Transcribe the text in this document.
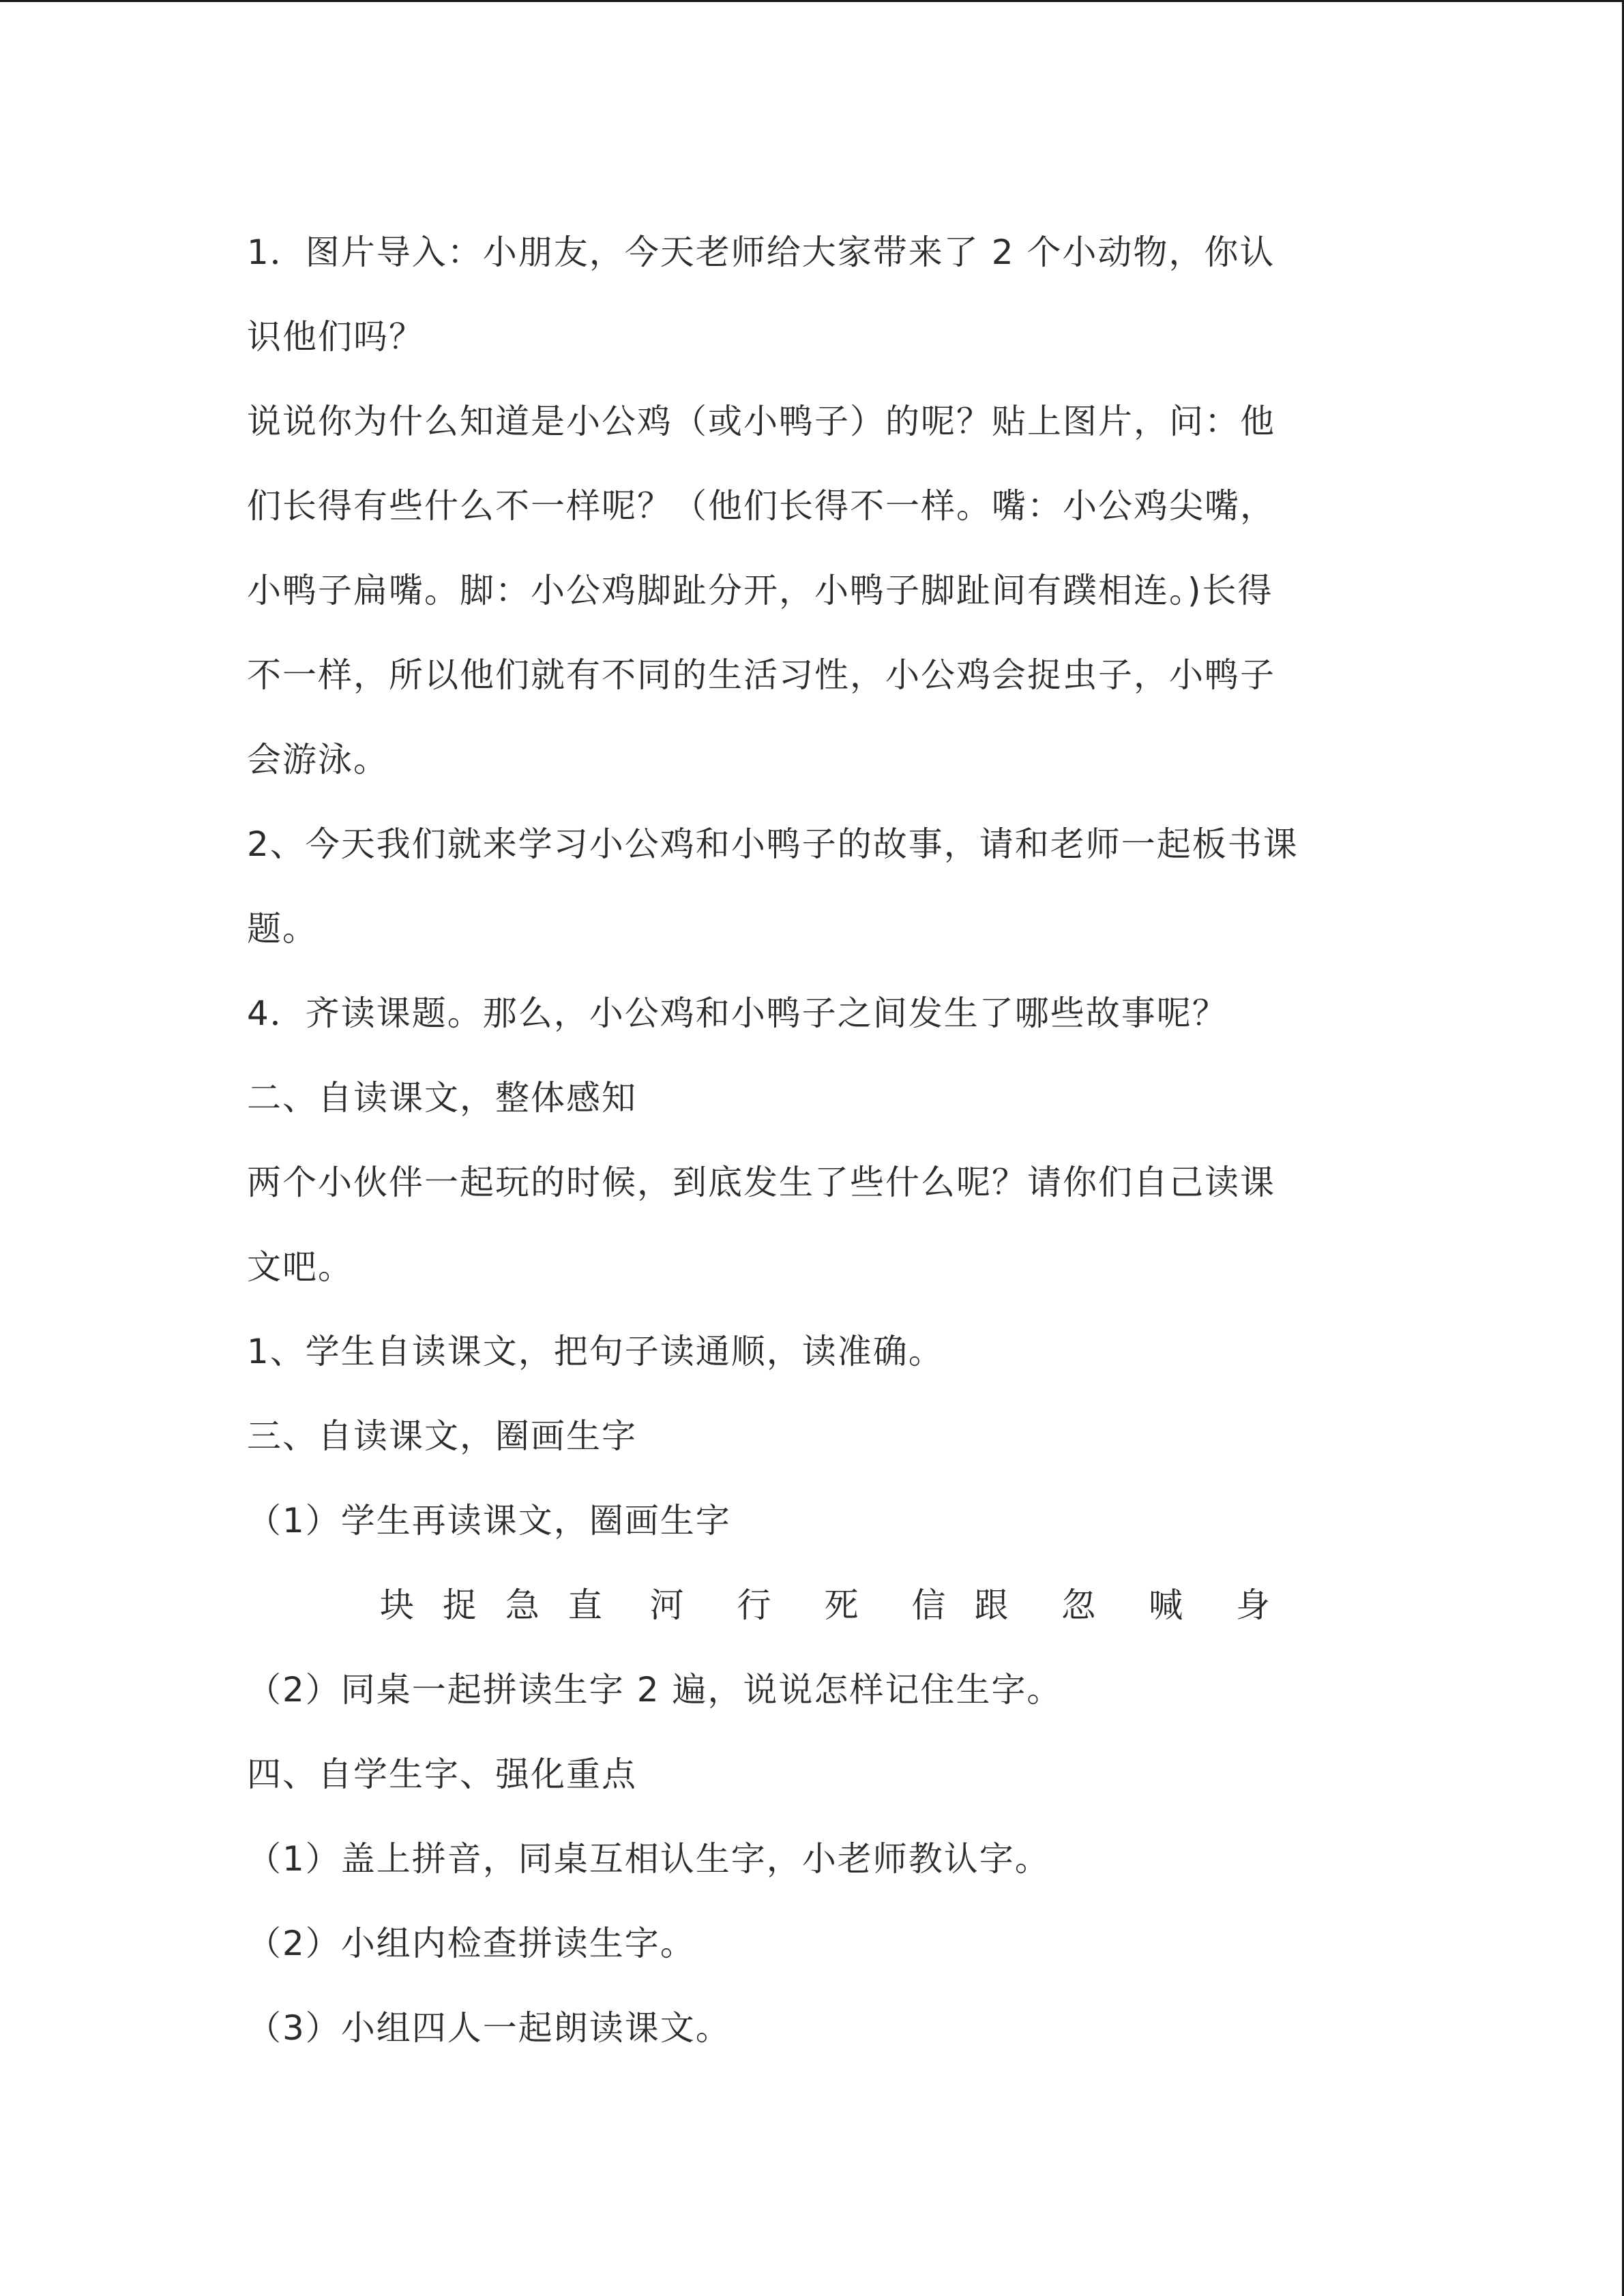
1．图片导入：小朋友，今天老师给大家带来了 2 个小动物，你认
识他们吗？
说说你为什么知道是小公鸡（或小鸭子）的呢？贴上图片，问：他
们长得有些什么不一样呢？（他们长得不一样。嘴：小公鸡尖嘴，
小鸭子扁嘴。脚：小公鸡脚趾分开，小鸭子脚趾间有蹼相连。)长得
不一样，所以他们就有不同的生活习性，小公鸡会捉虫子，小鸭子
会游泳。
2、今天我们就来学习小公鸡和小鸭子的故事，请和老师一起板书课
题。
4．齐读课题。那么，小公鸡和小鸭子之间发生了哪些故事呢？
二、自读课文，整体感知
两个小伙伴一起玩的时候，到底发生了些什么呢？请你们自己读课
文吧。
1、学生自读课文，把句子读通顺，读准确。
三、自读课文，圈画生字
（1）学生再读课文，圈画生字
块 捉 急 直 河 行 死 信 跟 忽 喊 身
（2）同桌一起拼读生字 2 遍，说说怎样记住生字。
四、自学生字、强化重点
（1）盖上拼音，同桌互相认生字，小老师教认字。
（2）小组内检查拼读生字。
（3）小组四人一起朗读课文。
